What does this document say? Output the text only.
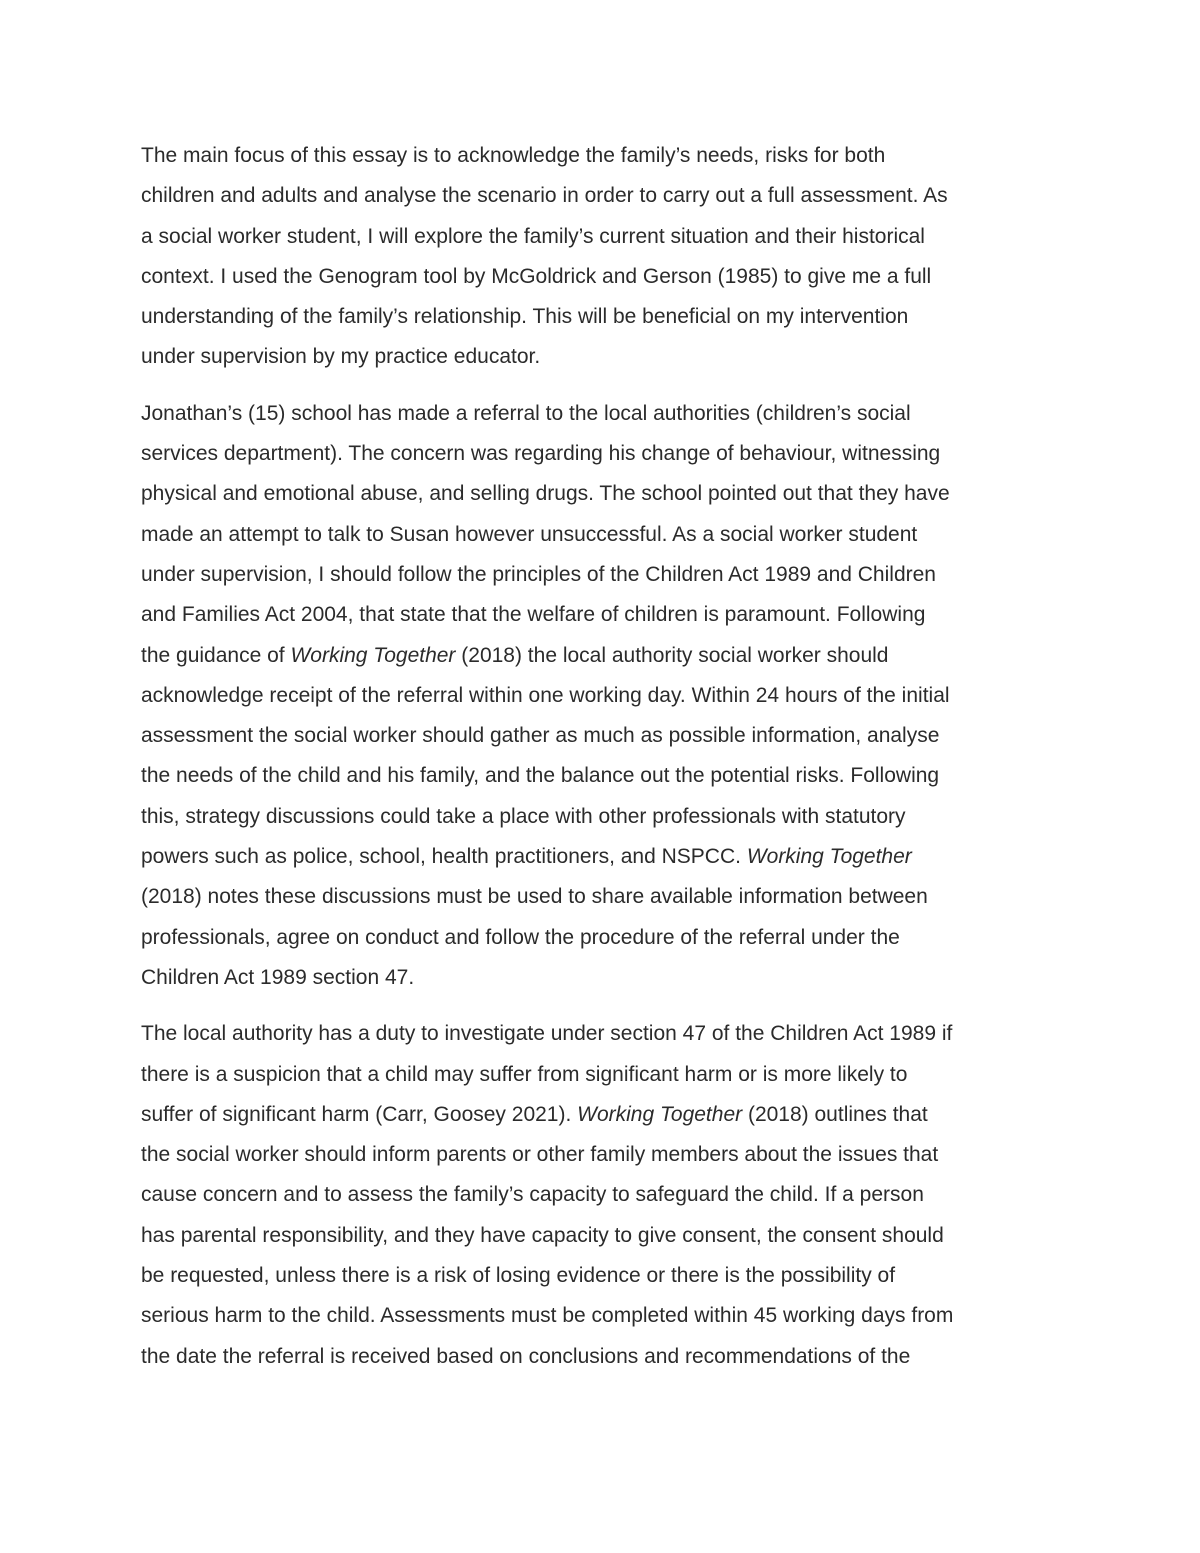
The main focus of this essay is to acknowledge the family’s needs, risks for both
children and adults and analyse the scenario in order to carry out a full assessment. As
a social worker student, I will explore the family’s current situation and their historical
context. I used the Genogram tool by McGoldrick and Gerson (1985) to give me a full
understanding of the family’s relationship. This will be beneficial on my intervention
under supervision by my practice educator.

Jonathan’s (15) school has made a referral to the local authorities (children’s social
services department). The concern was regarding his change of behaviour, witnessing
physical and emotional abuse, and selling drugs. The school pointed out that they have
made an attempt to talk to Susan however unsuccessful. As a social worker student
under supervision, I should follow the principles of the Children Act 1989 and Children
and Families Act 2004, that state that the welfare of children is paramount. Following
the guidance of Working Together (2018) the local authority social worker should
acknowledge receipt of the referral within one working day. Within 24 hours of the initial
assessment the social worker should gather as much as possible information, analyse
the needs of the child and his family, and the balance out the potential risks. Following
this, strategy discussions could take a place with other professionals with statutory
powers such as police, school, health practitioners, and NSPCC. Working Together
(2018) notes these discussions must be used to share available information between
professionals, agree on conduct and follow the procedure of the referral under the
Children Act 1989 section 47.

The local authority has a duty to investigate under section 47 of the Children Act 1989 if
there is a suspicion that a child may suffer from significant harm or is more likely to
suffer of significant harm (Carr, Goosey 2021). Working Together (2018) outlines that
the social worker should inform parents or other family members about the issues that
cause concern and to assess the family’s capacity to safeguard the child. If a person
has parental responsibility, and they have capacity to give consent, the consent should
be requested, unless there is a risk of losing evidence or there is the possibility of
serious harm to the child. Assessments must be completed within 45 working days from
the date the referral is received based on conclusions and recommendations of the
